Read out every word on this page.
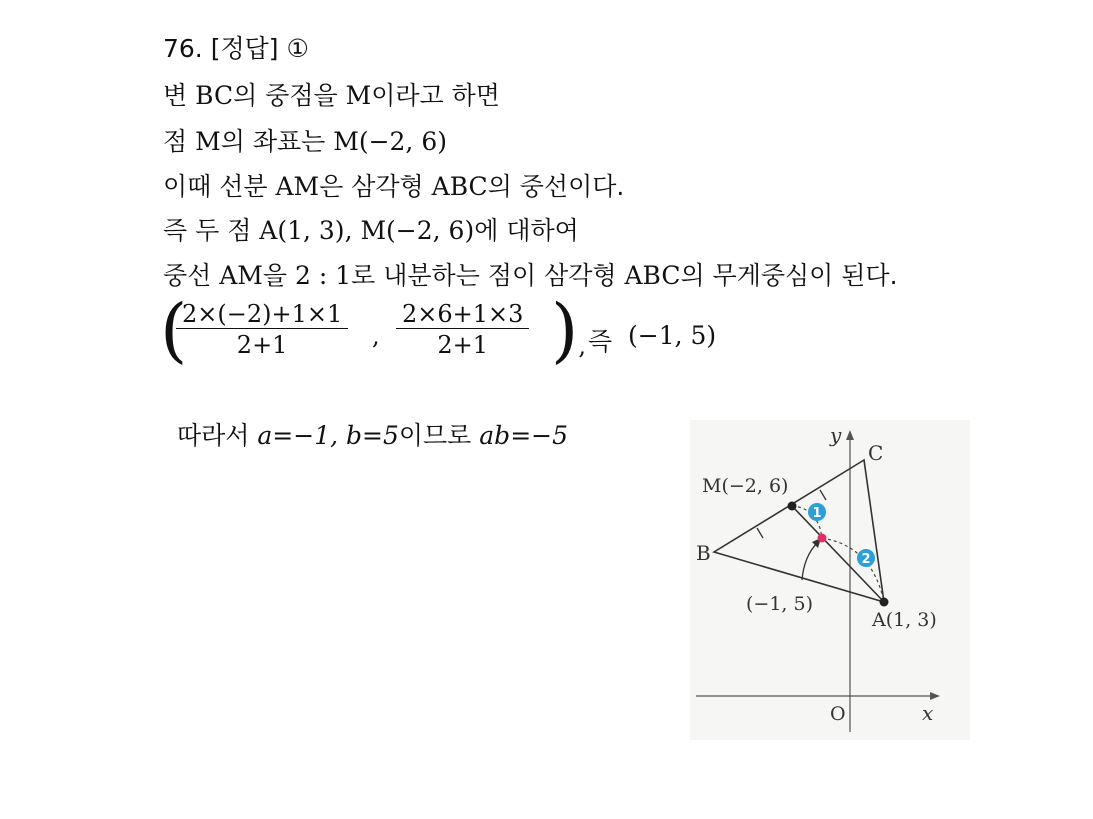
76. [정답] ①
변 BC의 중점을 M이라고 하면
점 M의 좌표는 M(−2, 6)
이때 선분 AM은 삼각형 ABC의 중선이다.
즉 두 점 A(1, 3), M(−2, 6)에 대하여
중선 AM을 2 : 1로 내분하는 점이 삼각형 ABC의 무게중심이 된다.
(
$\frac{2\times(-2)+1\times 1}{2+1}$ , $\frac{2\times 6+1\times 3}{2+1}$ ), 즉 (−1, 5)
따라서 a=−1, b=5이므로 ab=−5	y
x
O
1
2
C
M(−2, 6)
B
A(1, 3)
(−1, 5)
